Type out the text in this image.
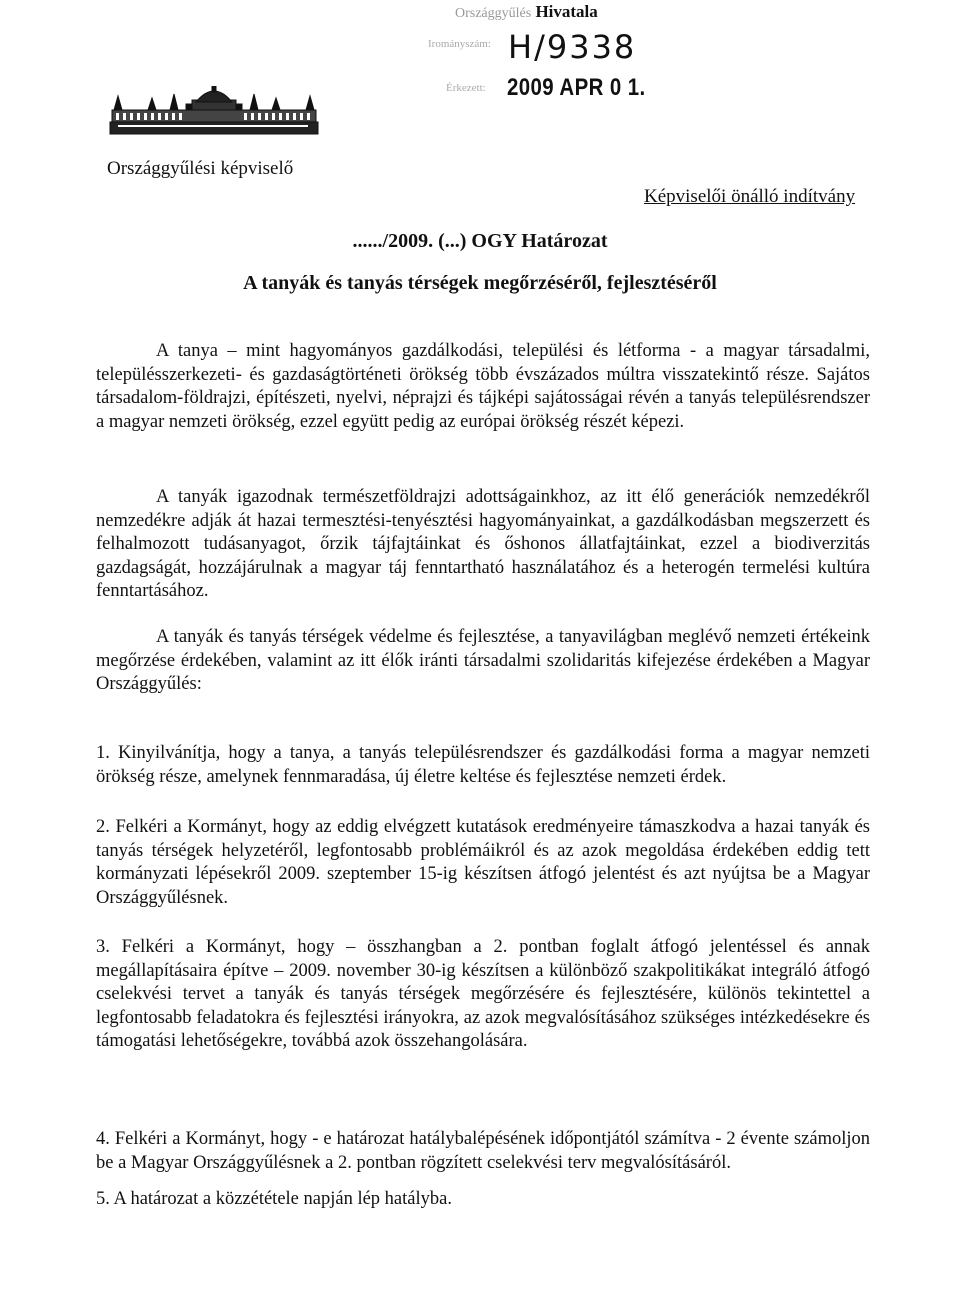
Országgyűlés Hivatala
Irományszám: H/9338
Érkezett: 2009 APR 0 1.
Országgyűlési képviselő
Képviselői önálló indítvány
....../2009. (...) OGY Határozat
A tanyák és tanyás térségek megőrzéséről, fejlesztéséről
A tanya – mint hagyományos gazdálkodási, települési és létforma - a magyar társadalmi, településszerkezeti- és gazdaságtörténeti örökség több évszázados múltra visszatekintő része. Sajátos társadalom-földrajzi, építészeti, nyelvi, néprajzi és tájképi sajátosságai révén a tanyás településrendszer a magyar nemzeti örökség, ezzel együtt pedig az európai örökség részét képezi.
A tanyák igazodnak természetföldrajzi adottságainkhoz, az itt élő generációk nemzedékről nemzedékre adják át hazai termesztési-tenyésztési hagyományainkat, a gazdálkodásban megszerzett és felhalmozott tudásanyagot, őrzik tájfajtáinkat és őshonos állatfajtáinkat, ezzel a biodiverzitás gazdagságát, hozzájárulnak a magyar táj fenntartható használatához és a heterogén termelési kultúra fenntartásához.
A tanyák és tanyás térségek védelme és fejlesztése, a tanyavilágban meglévő nemzeti értékeink megőrzése érdekében, valamint az itt élők iránti társadalmi szolidaritás kifejezése érdekében a Magyar Országgyűlés:
1. Kinyilvánítja, hogy a tanya, a tanyás településrendszer és gazdálkodási forma a magyar nemzeti örökség része, amelynek fennmaradása, új életre keltése és fejlesztése nemzeti érdek.
2. Felkéri a Kormányt, hogy az eddig elvégzett kutatások eredményeire támaszkodva a hazai tanyák és tanyás térségek helyzetéről, legfontosabb problémáikról és az azok megoldása érdekében eddig tett kormányzati lépésekről 2009. szeptember 15-ig készítsen átfogó jelentést és azt nyújtsa be a Magyar Országgyűlésnek.
3. Felkéri a Kormányt, hogy – összhangban a 2. pontban foglalt átfogó jelentéssel és annak megállapításaira építve – 2009. november 30-ig készítsen a különböző szakpolitikákat integráló átfogó cselekvési tervet a tanyák és tanyás térségek megőrzésére és fejlesztésére, különös tekintettel a legfontosabb feladatokra és fejlesztési irányokra, az azok megvalósításához szükséges intézkedésekre és támogatási lehetőségekre, továbbá azok összehangolására.
4. Felkéri a Kormányt, hogy - e határozat hatálybalépésének időpontjától számítva - 2 évente számoljon be a Magyar Országgyűlésnek a 2. pontban rögzített cselekvési terv megvalósításáról.
5. A határozat a közzététele napján lép hatályba.
